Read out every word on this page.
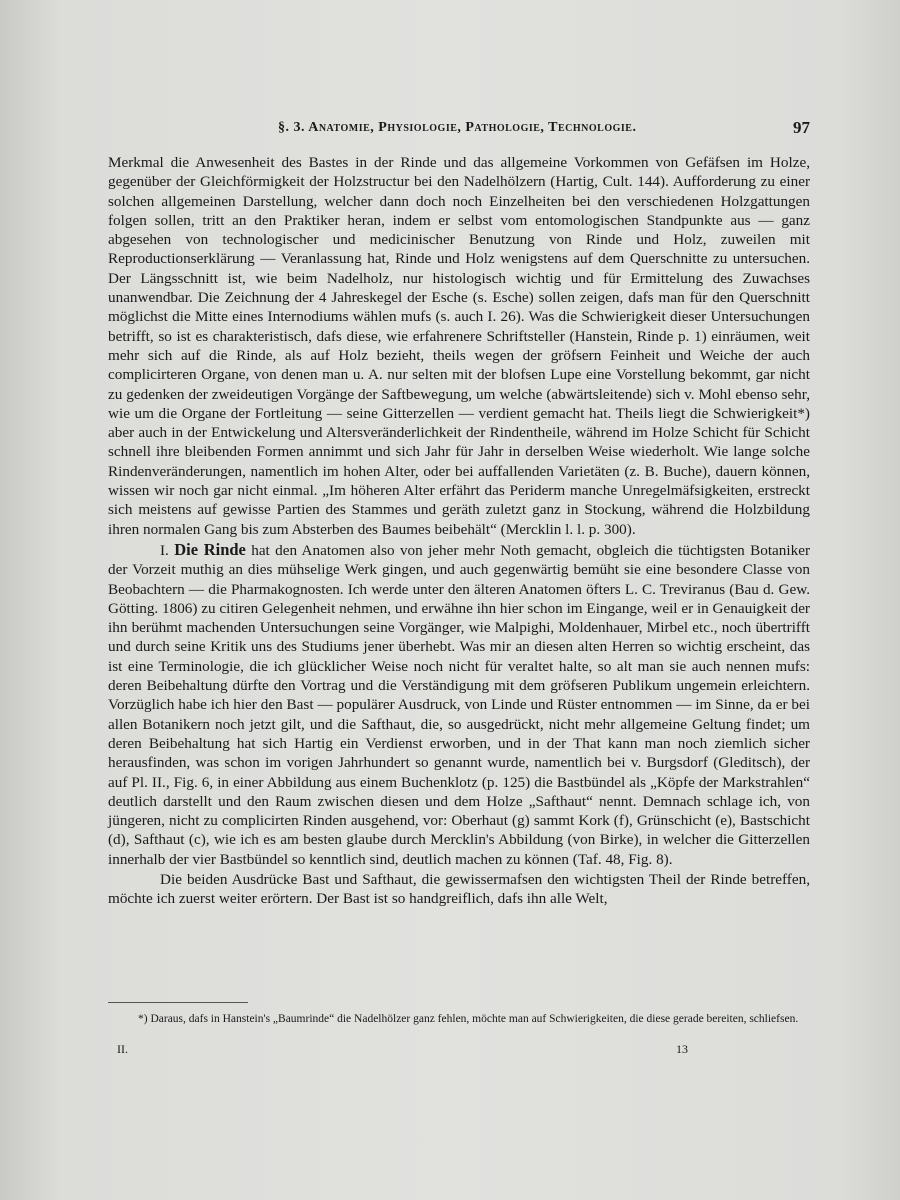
§. 3. Anatomie, Physiologie, Pathologie, Technologie.	97

Merkmal die Anwesenheit des Bastes in der Rinde und das allgemeine Vorkommen von Gefäfsen im Holze, gegenüber der Gleichförmigkeit der Holzstructur bei den Nadelhölzern (Hartig, Cult. 144). Aufforderung zu einer solchen allgemeinen Darstellung, welcher dann doch noch Einzelheiten bei den verschiedenen Holzgattungen folgen sollen, tritt an den Praktiker heran, indem er selbst vom entomologischen Standpunkte aus — ganz abgesehen von technologischer und medicinischer Benutzung von Rinde und Holz, zuweilen mit Reproductionserklärung — Veranlassung hat, Rinde und Holz wenigstens auf dem Querschnitte zu untersuchen. Der Längsschnitt ist, wie beim Nadelholz, nur histologisch wichtig und für Ermittelung des Zuwachses unanwendbar. Die Zeichnung der 4 Jahreskegel der Esche (s. Esche) sollen zeigen, dafs man für den Querschnitt möglichst die Mitte eines Internodiums wählen mufs (s. auch I. 26). Was die Schwierigkeit dieser Untersuchungen betrifft, so ist es charakteristisch, dafs diese, wie erfahrenere Schriftsteller (Hanstein, Rinde p. 1) einräumen, weit mehr sich auf die Rinde, als auf Holz bezieht, theils wegen der gröfsern Feinheit und Weiche der auch complicirteren Organe, von denen man u. A. nur selten mit der blofsen Lupe eine Vorstellung bekommt, gar nicht zu gedenken der zweideutigen Vorgänge der Saftbewegung, um welche (abwärtsleitende) sich v. Mohl ebenso sehr, wie um die Organe der Fortleitung — seine Gitterzellen — verdient gemacht hat. Theils liegt die Schwierigkeit*) aber auch in der Entwickelung und Altersveränderlichkeit der Rindentheile, während im Holze Schicht für Schicht schnell ihre bleibenden Formen annimmt und sich Jahr für Jahr in derselben Weise wiederholt. Wie lange solche Rindenveränderungen, namentlich im hohen Alter, oder bei auffallenden Varietäten (z. B. Buche), dauern können, wissen wir noch gar nicht einmal. „Im höheren Alter erfährt das Periderm manche Unregelmäfsigkeiten, erstreckt sich meistens auf gewisse Partien des Stammes und geräth zuletzt ganz in Stockung, während die Holzbildung ihren normalen Gang bis zum Absterben des Baumes beibehält“ (Mercklin l. l. p. 300).

I. Die Rinde hat den Anatomen also von jeher mehr Noth gemacht, obgleich die tüchtigsten Botaniker der Vorzeit muthig an dies mühselige Werk gingen, und auch gegenwärtig bemüht sie eine besondere Classe von Beobachtern — die Pharmakognosten. Ich werde unter den älteren Anatomen öfters L. C. Treviranus (Bau d. Gew. Götting. 1806) zu citiren Gelegenheit nehmen, und erwähne ihn hier schon im Eingange, weil er in Genauigkeit der ihn berühmt machenden Untersuchungen seine Vorgänger, wie Malpighi, Moldenhauer, Mirbel etc., noch übertrifft und durch seine Kritik uns des Studiums jener überhebt. Was mir an diesen alten Herren so wichtig erscheint, das ist eine Terminologie, die ich glücklicher Weise noch nicht für veraltet halte, so alt man sie auch nennen mufs: deren Beibehaltung dürfte den Vortrag und die Verständigung mit dem gröfseren Publikum ungemein erleichtern. Vorzüglich habe ich hier den Bast — populärer Ausdruck, von Linde und Rüster entnommen — im Sinne, da er bei allen Botanikern noch jetzt gilt, und die Safthaut, die, so ausgedrückt, nicht mehr allgemeine Geltung findet; um deren Beibehaltung hat sich Hartig ein Verdienst erworben, und in der That kann man noch ziemlich sicher herausfinden, was schon im vorigen Jahrhundert so genannt wurde, namentlich bei v. Burgsdorf (Gleditsch), der auf Pl. II., Fig. 6, in einer Abbildung aus einem Buchenklotz (p. 125) die Bastbündel als „Köpfe der Markstrahlen“ deutlich darstellt und den Raum zwischen diesen und dem Holze „Safthaut“ nennt. Demnach schlage ich, von jüngeren, nicht zu complicirten Rinden ausgehend, vor: Oberhaut (g) sammt Kork (f), Grünschicht (e), Bastschicht (d), Safthaut (c), wie ich es am besten glaube durch Mercklin's Abbildung (von Birke), in welcher die Gitterzellen innerhalb der vier Bastbündel so kenntlich sind, deutlich machen zu können (Taf. 48, Fig. 8).

Die beiden Ausdrücke Bast und Safthaut, die gewissermafsen den wichtigsten Theil der Rinde betreffen, möchte ich zuerst weiter erörtern. Der Bast ist so handgreiflich, dafs ihn alle Welt,

*) Daraus, dafs in Hanstein's „Baumrinde“ die Nadelhölzer ganz fehlen, möchte man auf Schwierigkeiten, die diese gerade bereiten, schliefsen.
II.	13
